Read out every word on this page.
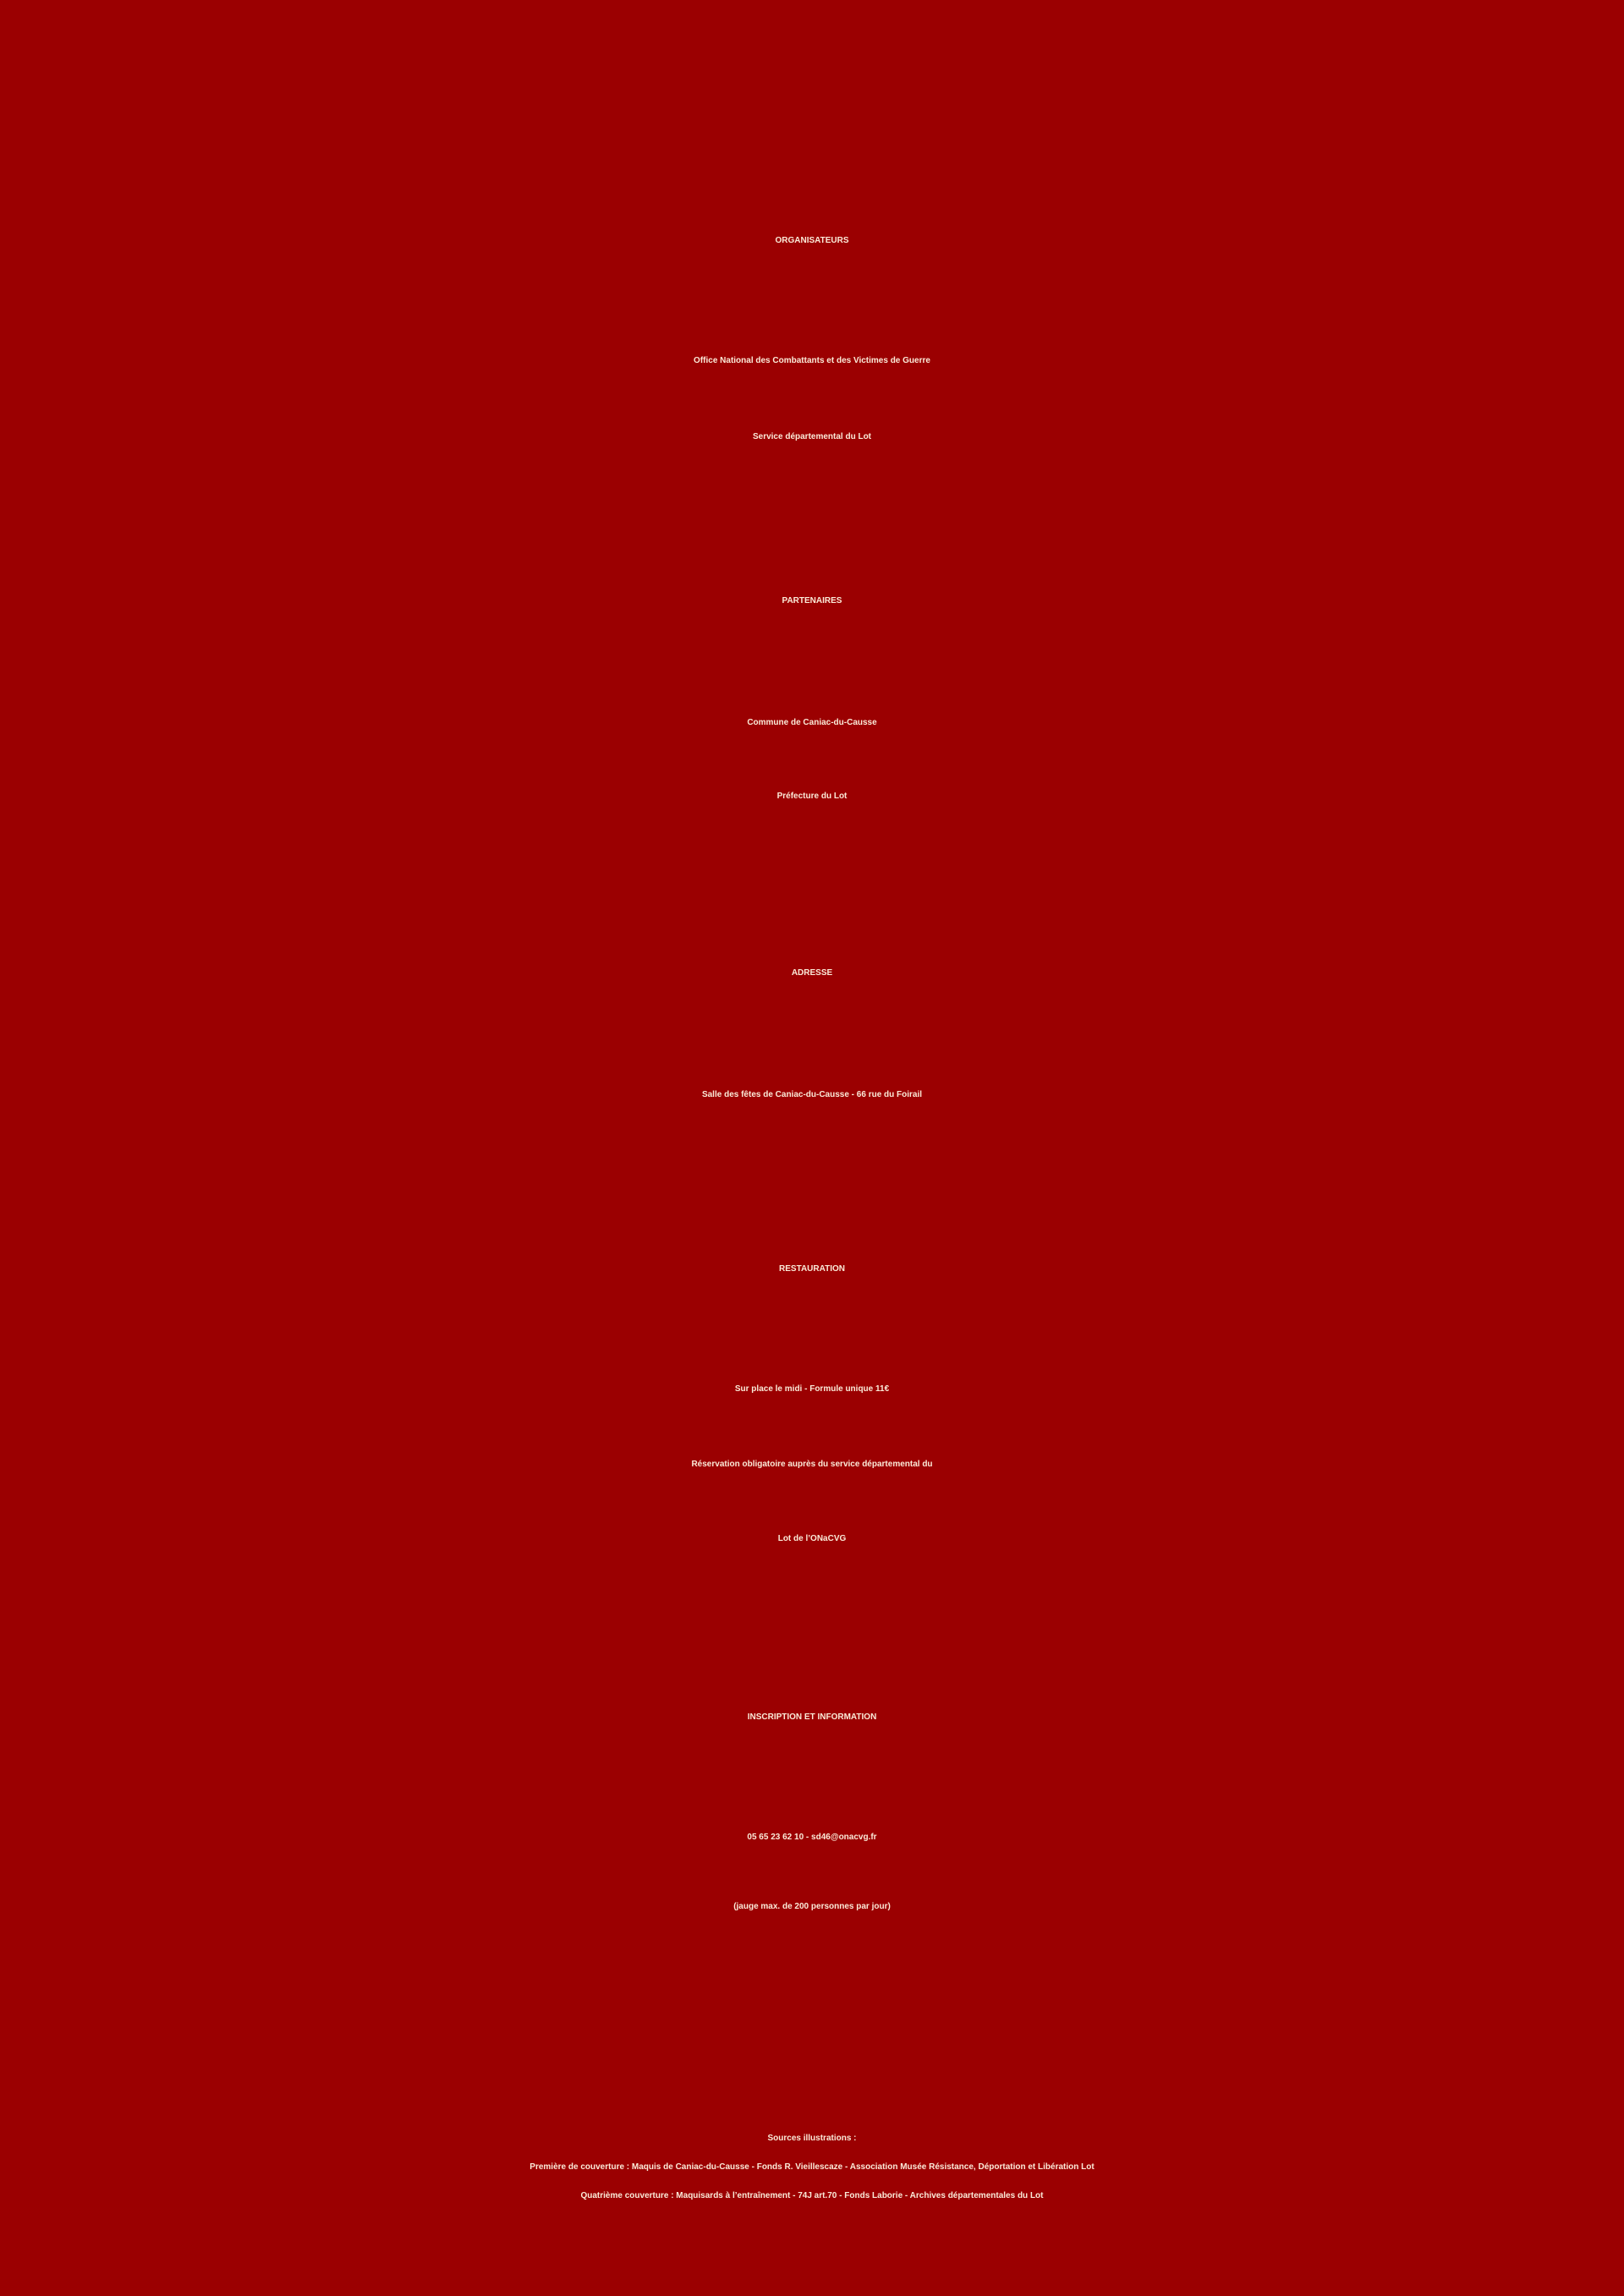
ORGANISATEURS
Office National des Combattants et des Victimes de Guerre
Service départemental du Lot
PARTENAIRES
Commune de Caniac-du-Causse
Préfecture du Lot
ADRESSE
Salle des fêtes de Caniac-du-Causse - 66 rue du Foirail
RESTAURATION
Sur place le midi - Formule unique 11€
Réservation obligatoire auprès du service départemental du
Lot de l’ONaCVG
INSCRIPTION ET INFORMATION
05 65 23 62 10 - sd46@onacvg.fr
(jauge max. de 200 personnes par jour)
Sources illustrations :
Première de couverture : Maquis de Caniac-du-Causse - Fonds R. Vieillescaze - Association Musée Résistance, Déportation et Libération Lot
Quatrième couverture : Maquisards à l’entraînement - 74J art.70 - Fonds Laborie - Archives départementales du Lot
